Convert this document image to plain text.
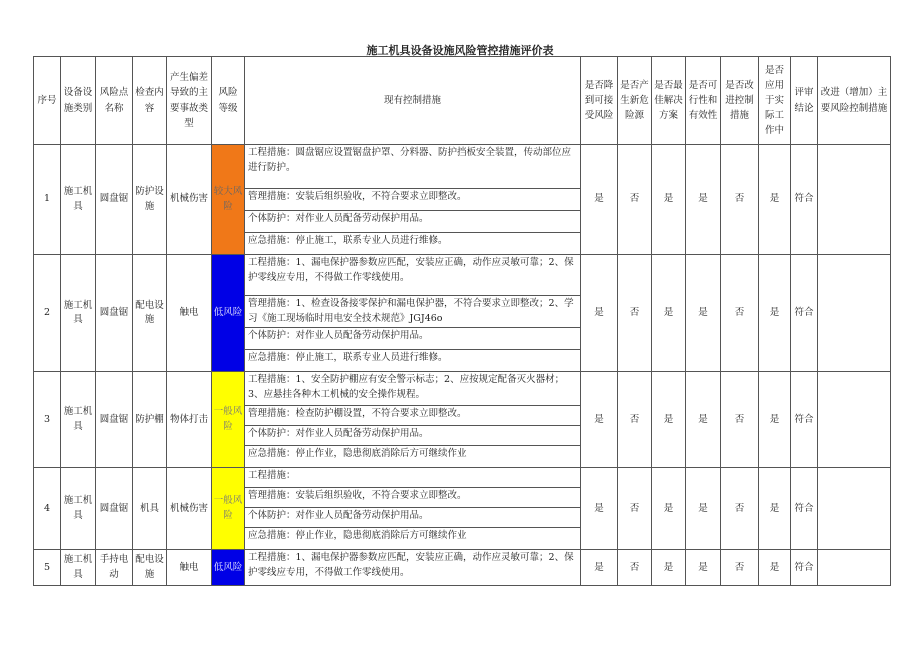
施工机具设备设施风险管控措施评价表
序号	设备设施类别	风险点名称	检查内容	产生偏差导致的主要事故类型	风险等级	现有控制措施	是否降到可接受风险	是否产生新危险源	是否最佳解决方案	是否可行性和有效性	是否改进控制措施	是否应用于实际工作中	评审结论	改进（增加）主要风险控制措施
1	施工机具	圆盘锯	防护设施	机械伤害	较大风险	工程措施：圆盘锯应设置锯盘护罩、分料器、防护挡板安全装置，传动部位应进行防护。	是	否	是	是	否	是	符合	
						管理措施：安装后组织验收，不符合要求立即整改。								
						个体防护：对作业人员配备劳动保护用品。								
						应急措施：停止施工，联系专业人员进行维修。								
2	施工机具	圆盘锯	配电设施	触电	低风险	工程措施：1、漏电保护器参数应匹配，安装应正确，动作应灵敏可靠；2、保护零线应专用，不得做工作零线使用。	是	否	是	是	否	是	符合	
						管理措施：1、检查设备接零保护和漏电保护器，不符合要求立即整改；2、学习《施工现场临时用电安全技术规范》JGJ46o								
						个体防护：对作业人员配备劳动保护用品。								
						应急措施：停止施工，联系专业人员进行维修。								
3	施工机具	圆盘锯	防护棚	物体打击	一般风险	工程措施：1、安全防护棚应有安全警示标志；2、应按规定配备灭火器材；3、应悬挂各种木工机械的安全操作规程。	是	否	是	是	否	是	符合	
						管理措施：检查防护棚设置，不符合要求立即整改。								
						个体防护：对作业人员配备劳动保护用品。								
						应急措施：停止作业，隐患彻底消除后方可继续作业								
4	施工机具	圆盘锯	机具	机械伤害	一般风险	工程措施：	是	否	是	是	否	是	符合	
						管理措施：安装后组织验收，不符合要求立即整改。								
						个体防护：对作业人员配备劳动保护用品。								
						应急措施：停止作业，隐患彻底消除后方可继续作业								
5	施工机具	手持电动	配电设施	触电	低风险	工程措施：1、漏电保护器参数应匹配，安装应正确，动作应灵敏可靠；2、保护零线应专用，不得做工作零线使用。	是	否	是	是	否	是	符合	
